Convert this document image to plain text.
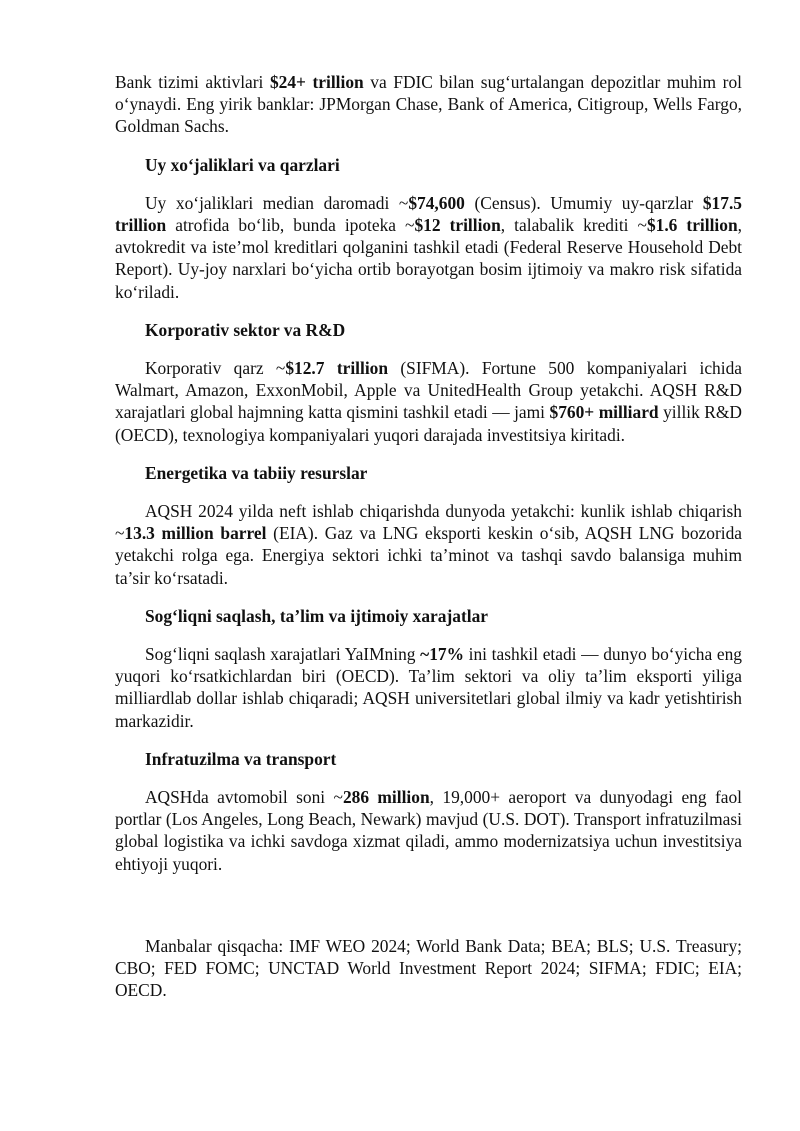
Bank tizimi aktivlari $24+ trillion va FDIC bilan sug‘urtalangan depozitlar muhim rol o‘ynaydi. Eng yirik banklar: JPMorgan Chase, Bank of America, Citigroup, Wells Fargo, Goldman Sachs.

Uy xo‘jaliklari va qarzlari

Uy xo‘jaliklari median daromadi ~$74,600 (Census). Umumiy uy-qarzlar $17.5 trillion atrofida bo‘lib, bunda ipoteka ~$12 trillion, talabalik krediti ~$1.6 trillion, avtokredit va iste’mol kreditlari qolganini tashkil etadi (Federal Reserve Household Debt Report). Uy-joy narxlari bo‘yicha ortib borayotgan bosim ijtimoiy va makro risk sifatida ko‘riladi.

Korporativ sektor va R&D

Korporativ qarz ~$12.7 trillion (SIFMA). Fortune 500 kompaniyalari ichida Walmart, Amazon, ExxonMobil, Apple va UnitedHealth Group yetakchi. AQSH R&D xarajatlari global hajmning katta qismini tashkil etadi — jami $760+ milliard yillik R&D (OECD), texnologiya kompaniyalari yuqori darajada investitsiya kiritadi.

Energetika va tabiiy resurslar

AQSH 2024 yilda neft ishlab chiqarishda dunyoda yetakchi: kunlik ishlab chiqarish ~13.3 million barrel (EIA). Gaz va LNG eksporti keskin o‘sib, AQSH LNG bozorida yetakchi rolga ega. Energiya sektori ichki ta’minot va tashqi savdo balansiga muhim ta’sir ko‘rsatadi.

Sog‘liqni saqlash, ta’lim va ijtimoiy xarajatlar

Sog‘liqni saqlash xarajatlari YaIMning ~17% ini tashkil etadi — dunyo bo‘yicha eng yuqori ko‘rsatkichlardan biri (OECD). Ta’lim sektori va oliy ta’lim eksporti yiliga milliardlab dollar ishlab chiqaradi; AQSH universitetlari global ilmiy va kadr yetishtirish markazidir.

Infratuzilma va transport

AQSHda avtomobil soni ~286 million, 19,000+ aeroport va dunyodagi eng faol portlar (Los Angeles, Long Beach, Newark) mavjud (U.S. DOT). Transport infratuzilmasi global logistika va ichki savdoga xizmat qiladi, ammo modernizatsiya uchun investitsiya ehtiyoji yuqori.

Manbalar qisqacha: IMF WEO 2024; World Bank Data; BEA; BLS; U.S. Treasury; CBO; FED FOMC; UNCTAD World Investment Report 2024; SIFMA; FDIC; EIA; OECD.
